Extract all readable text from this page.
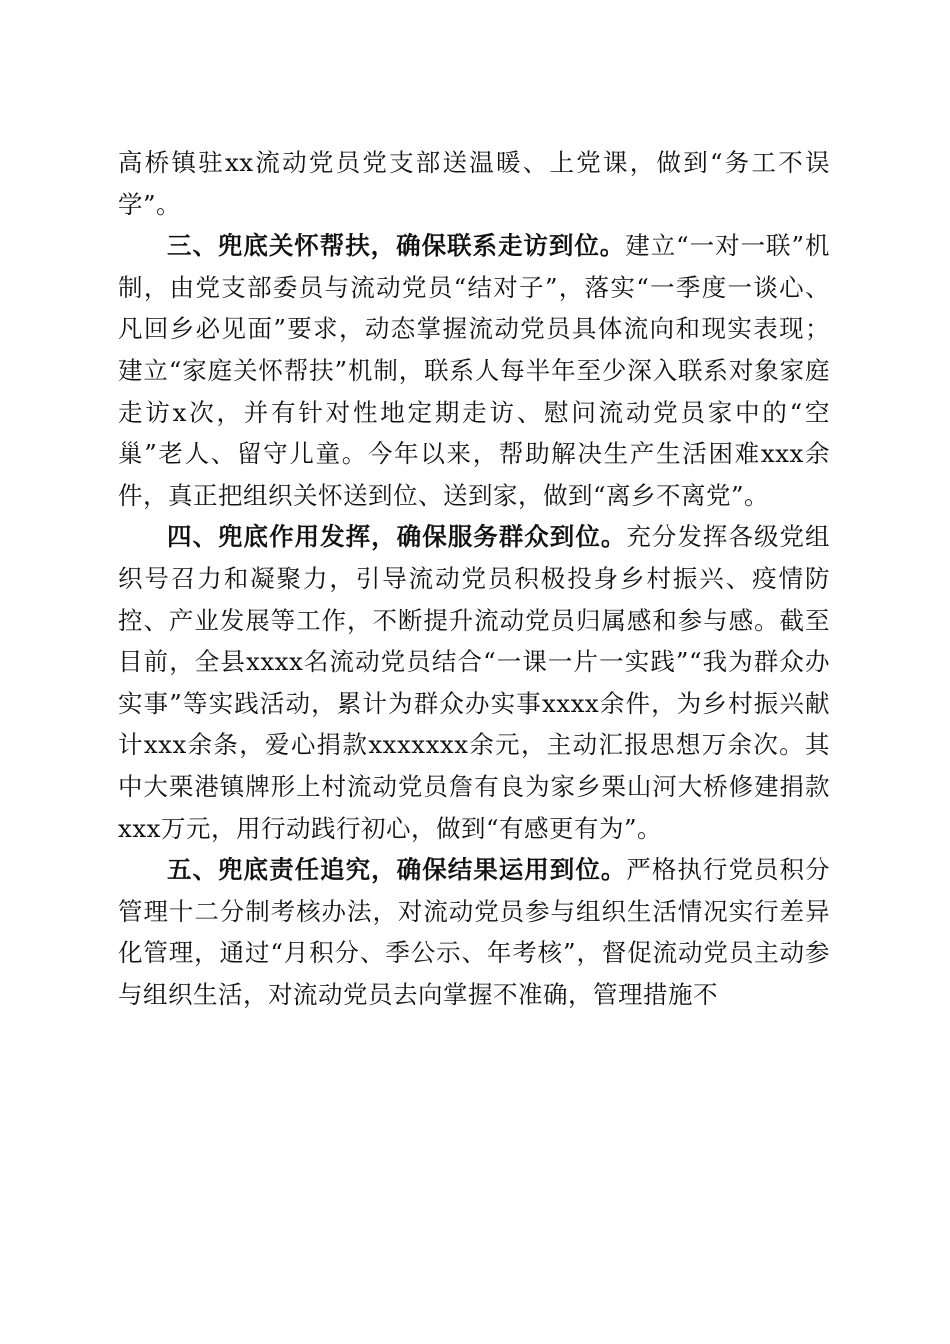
高桥镇驻xx流动党员党支部送温暖、上党课，做到“务工不误学”。

三、兜底关怀帮扶，确保联系走访到位。建立“一对一联”机制，由党支部委员与流动党员“结对子”，落实“一季度一谈心、凡回乡必见面”要求，动态掌握流动党员具体流向和现实表现；建立“家庭关怀帮扶”机制，联系人每半年至少深入联系对象家庭走访x次，并有针对性地定期走访、慰问流动党员家中的“空巢”老人、留守儿童。今年以来，帮助解决生产生活困难xxx余件，真正把组织关怀送到位、送到家，做到“离乡不离党”。

四、兜底作用发挥，确保服务群众到位。充分发挥各级党组织号召力和凝聚力，引导流动党员积极投身乡村振兴、疫情防控、产业发展等工作，不断提升流动党员归属感和参与感。截至目前，全县xxxx名流动党员结合“一课一片一实践”“我为群众办实事”等实践活动，累计为群众办实事xxxx余件，为乡村振兴献计xxx余条，爱心捐款xxxxxxx余元，主动汇报思想万余次。其中大栗港镇牌形上村流动党员詹有良为家乡栗山河大桥修建捐款xxx万元，用行动践行初心，做到“有感更有为”。

五、兜底责任追究，确保结果运用到位。严格执行党员积分管理十二分制考核办法，对流动党员参与组织生活情况实行差异化管理，通过“月积分、季公示、年考核”，督促流动党员主动参与组织生活，对流动党员去向掌握不准确，管理措施不
